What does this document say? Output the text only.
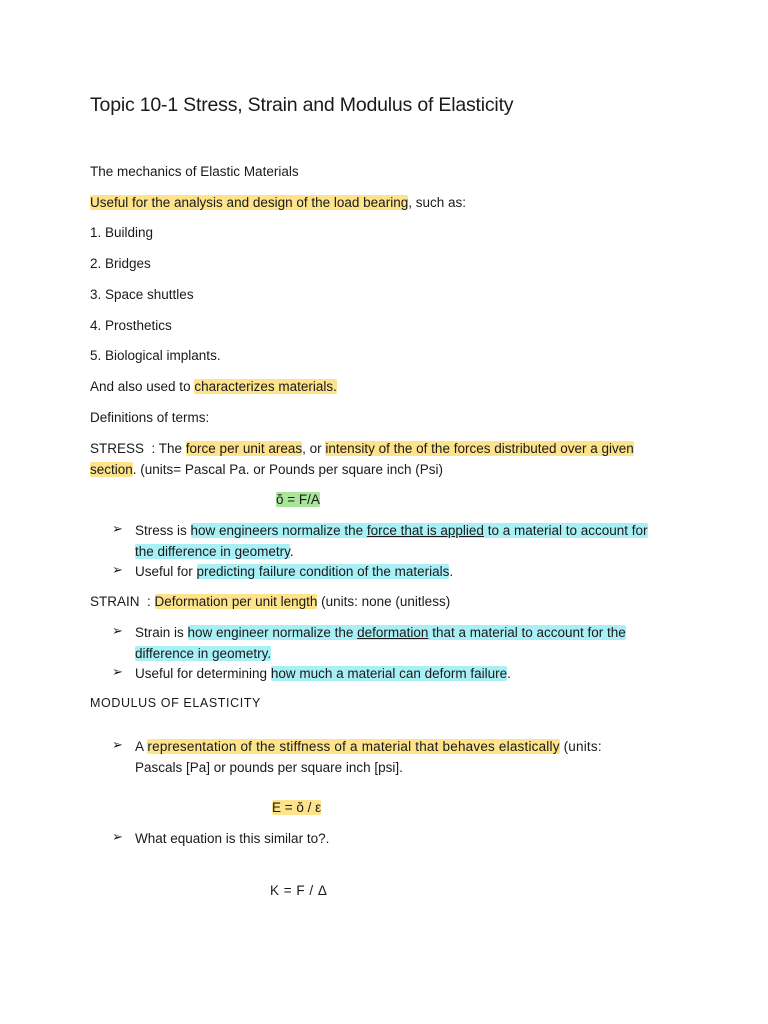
Topic 10-1 Stress, Strain and Modulus of Elasticity
The mechanics of Elastic Materials
Useful for the analysis and design of the load bearing, such as:
1. Building
2. Bridges
3. Space shuttles
4. Prosthetics
5. Biological implants.
And also used to characterizes materials.
Definitions of terms:
STRESS  : The force per unit areas, or intensity of the of the forces distributed over a given
section. (units= Pascal Pa. or Pounds per square inch (Psi)
ŏ = F/A
➢ Stress is how engineers normalize the force that is applied to a material to account for
the difference in geometry.
➢ Useful for predicting failure condition of the materials.
STRAIN  : Deformation per unit length (units: none (unitless)
➢ Strain is how engineer normalize the deformation that a material to account for the
difference in geometry.
➢ Useful for determining how much a material can deform failure.
MODULUS OF ELASTICITY
➢ A representation of the stiffness of a material that behaves elastically (units:
Pascals [Pa] or pounds per square inch [psi].
Ε = ŏ / ε
➢ What equation is this similar to?.
K = F / Δ
